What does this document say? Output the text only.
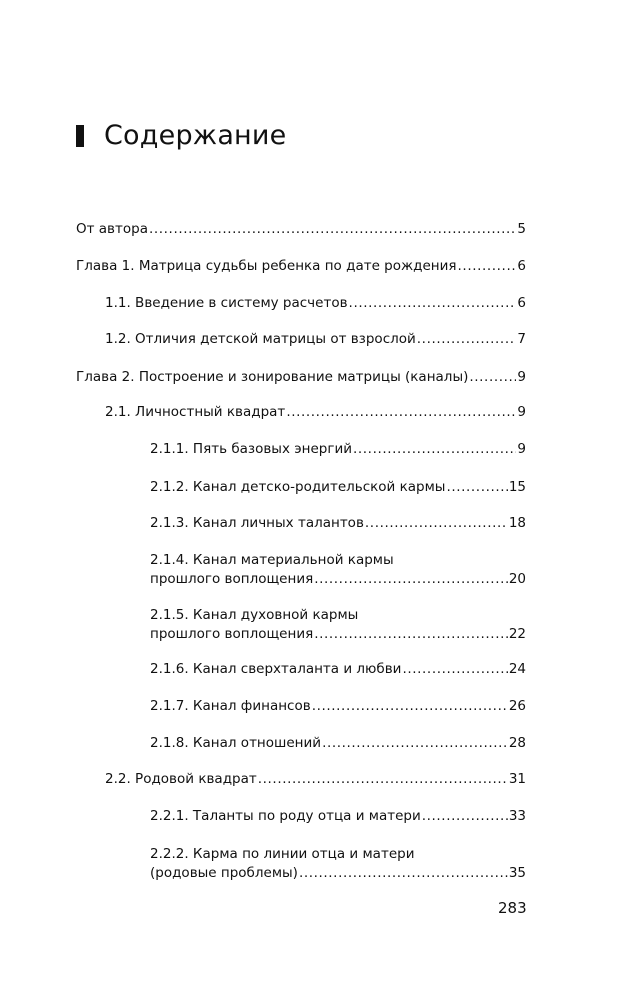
Содержание
От автора .....	5
Глава 1. Матрица судьбы ребенка по дате рождения .....	6
1.1. Введение в систему расчетов .....	6
1.2. Отличия детской матрицы от взрослой .....	7
Глава 2. Построение и зонирование матрицы (каналы) .....	9
2.1. Личностный квадрат .....	9
2.1.1. Пять базовых энергий .....	9
2.1.2. Канал детско-родительской кармы .....	15
2.1.3. Канал личных талантов .....	18
2.1.4. Канал материальной кармы
прошлого воплощения .....	20
2.1.5. Канал духовной кармы
прошлого воплощения .....	22
2.1.6. Канал сверхталанта и любви .....	24
2.1.7. Канал финансов .....	26
2.1.8. Канал отношений .....	28
2.2. Родовой квадрат .....	31
2.2.1. Таланты по роду отца и матери .....	33
2.2.2. Карма по линии отца и матери
(родовые проблемы) .....	35
283
